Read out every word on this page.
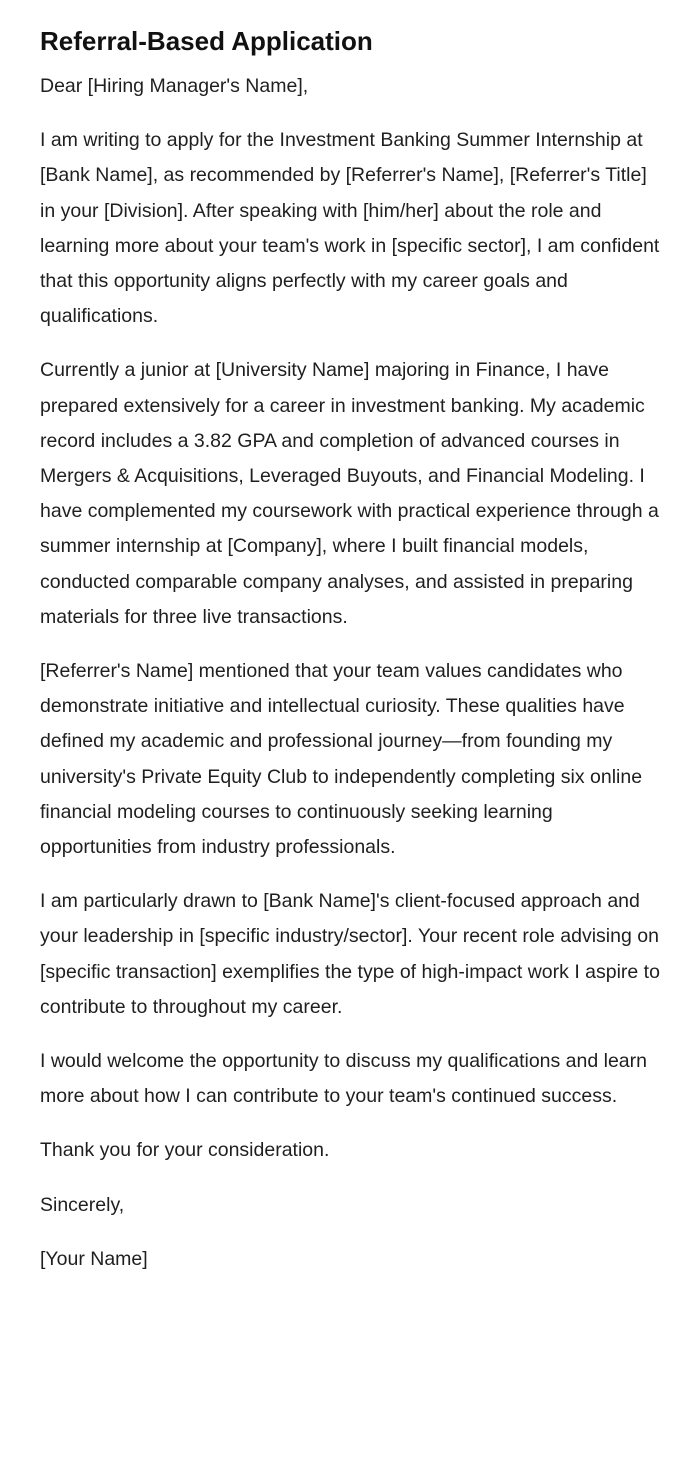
Referral-Based Application

Dear [Hiring Manager's Name],

I am writing to apply for the Investment Banking Summer Internship at [Bank Name], as recommended by [Referrer's Name], [Referrer's Title] in your [Division]. After speaking with [him/her] about the role and learning more about your team's work in [specific sector], I am confident that this opportunity aligns perfectly with my career goals and qualifications.

Currently a junior at [University Name] majoring in Finance, I have prepared extensively for a career in investment banking. My academic record includes a 3.82 GPA and completion of advanced courses in Mergers & Acquisitions, Leveraged Buyouts, and Financial Modeling. I have complemented my coursework with practical experience through a summer internship at [Company], where I built financial models, conducted comparable company analyses, and assisted in preparing materials for three live transactions.

[Referrer's Name] mentioned that your team values candidates who demonstrate initiative and intellectual curiosity. These qualities have defined my academic and professional journey—from founding my university's Private Equity Club to independently completing six online financial modeling courses to continuously seeking learning opportunities from industry professionals.

I am particularly drawn to [Bank Name]'s client-focused approach and your leadership in [specific industry/sector]. Your recent role advising on [specific transaction] exemplifies the type of high-impact work I aspire to contribute to throughout my career.

I would welcome the opportunity to discuss my qualifications and learn more about how I can contribute to your team's continued success.

Thank you for your consideration.

Sincerely,

[Your Name]
